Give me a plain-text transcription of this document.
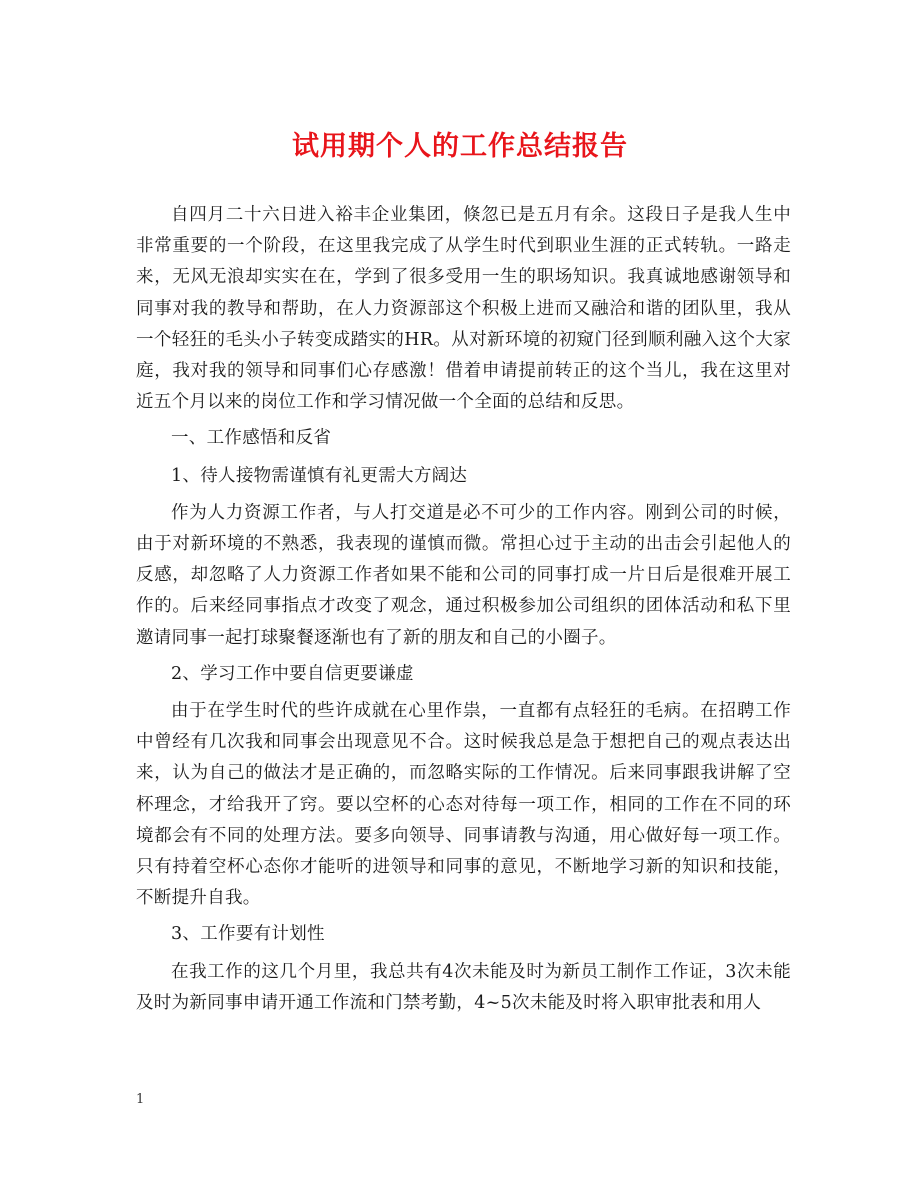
试用期个人的工作总结报告

自四月二十六日进入裕丰企业集团，倏忽已是五月有余。这段日子是我人生中非常重要的一个阶段，在这里我完成了从学生时代到职业生涯的正式转轨。一路走来，无风无浪却实实在在，学到了很多受用一生的职场知识。我真诚地感谢领导和同事对我的教导和帮助，在人力资源部这个积极上进而又融洽和谐的团队里，我从一个轻狂的毛头小子转变成踏实的HR。从对新环境的初窥门径到顺利融入这个大家庭，我对我的领导和同事们心存感激！借着申请提前转正的这个当儿，我在这里对近五个月以来的岗位工作和学习情况做一个全面的总结和反思。

一、工作感悟和反省

1、待人接物需谨慎有礼更需大方阔达

作为人力资源工作者，与人打交道是必不可少的工作内容。刚到公司的时候，由于对新环境的不熟悉，我表现的谨慎而微。常担心过于主动的出击会引起他人的反感，却忽略了人力资源工作者如果不能和公司的同事打成一片日后是很难开展工作的。后来经同事指点才改变了观念，通过积极参加公司组织的团体活动和私下里邀请同事一起打球聚餐逐渐也有了新的朋友和自己的小圈子。

2、学习工作中要自信更要谦虚

由于在学生时代的些许成就在心里作祟，一直都有点轻狂的毛病。在招聘工作中曾经有几次我和同事会出现意见不合。这时候我总是急于想把自己的观点表达出来，认为自己的做法才是正确的，而忽略实际的工作情况。后来同事跟我讲解了空杯理念，才给我开了窍。要以空杯的心态对待每一项工作，相同的工作在不同的环境都会有不同的处理方法。要多向领导、同事请教与沟通，用心做好每一项工作。只有持着空杯心态你才能听的进领导和同事的意见，不断地学习新的知识和技能，不断提升自我。

3、工作要有计划性

在我工作的这几个月里，我总共有4次未能及时为新员工制作工作证，3次未能及时为新同事申请开通工作流和门禁考勤，4~5次未能及时将入职审批表和用人

1
